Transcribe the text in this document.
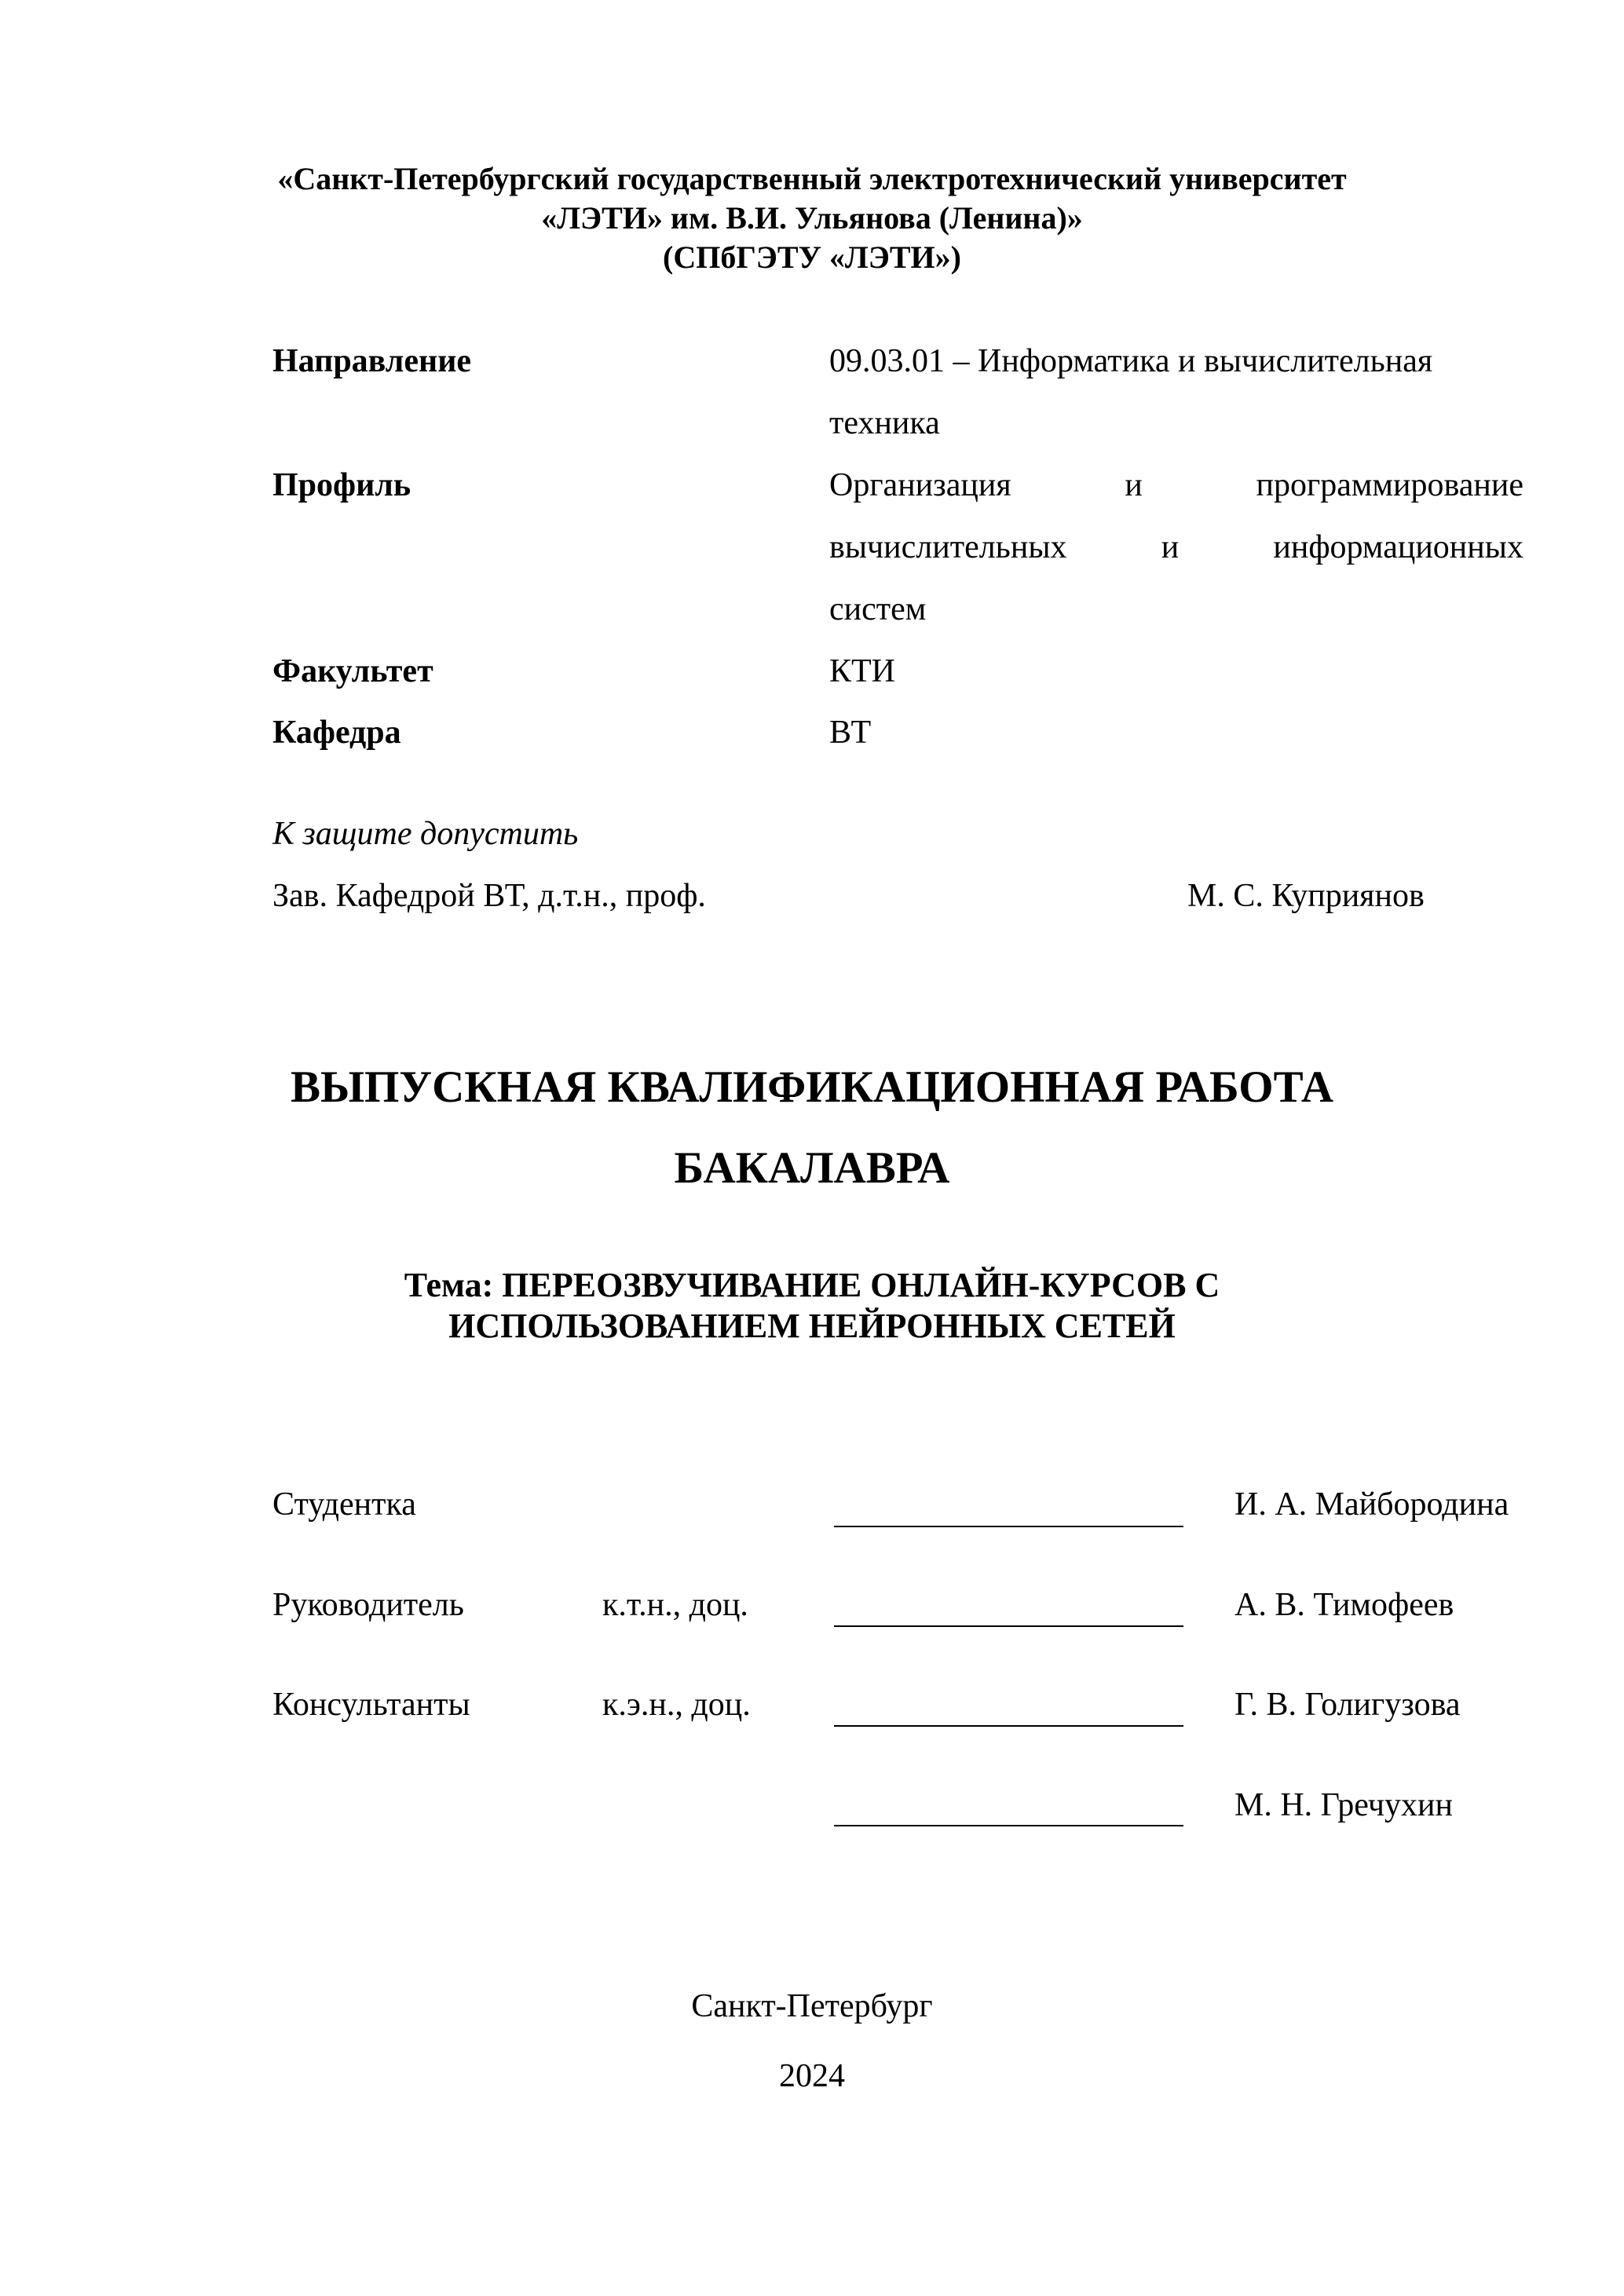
«Санкт-Петербургский государственный электротехнический университет
«ЛЭТИ» им. В.И. Ульянова (Ленина)»
(СПбГЭТУ «ЛЭТИ»)
Направление	09.03.01 – Информатика и вычислительная
техника
Профиль	Организация	и	программирование
вычислительных	и	информационных
систем
Факультет	КТИ
Кафедра	ВТ
К защите допустить
Зав. Кафедрой ВТ, д.т.н., проф.	М. С. Куприянов
ВЫПУСКНАЯ КВАЛИФИКАЦИОННАЯ РАБОТА
БАКАЛАВРА
Тема: ПЕРЕОЗВУЧИВАНИЕ ОНЛАЙН-КУРСОВ С
ИСПОЛЬЗОВАНИЕМ НЕЙРОННЫХ СЕТЕЙ
Студентка	И. А. Майбородина
Руководитель	к.т.н., доц.	А. В. Тимофеев
Консультанты	к.э.н., доц.	Г. В. Голигузова
М. Н. Гречухин
Санкт-Петербург
2024
